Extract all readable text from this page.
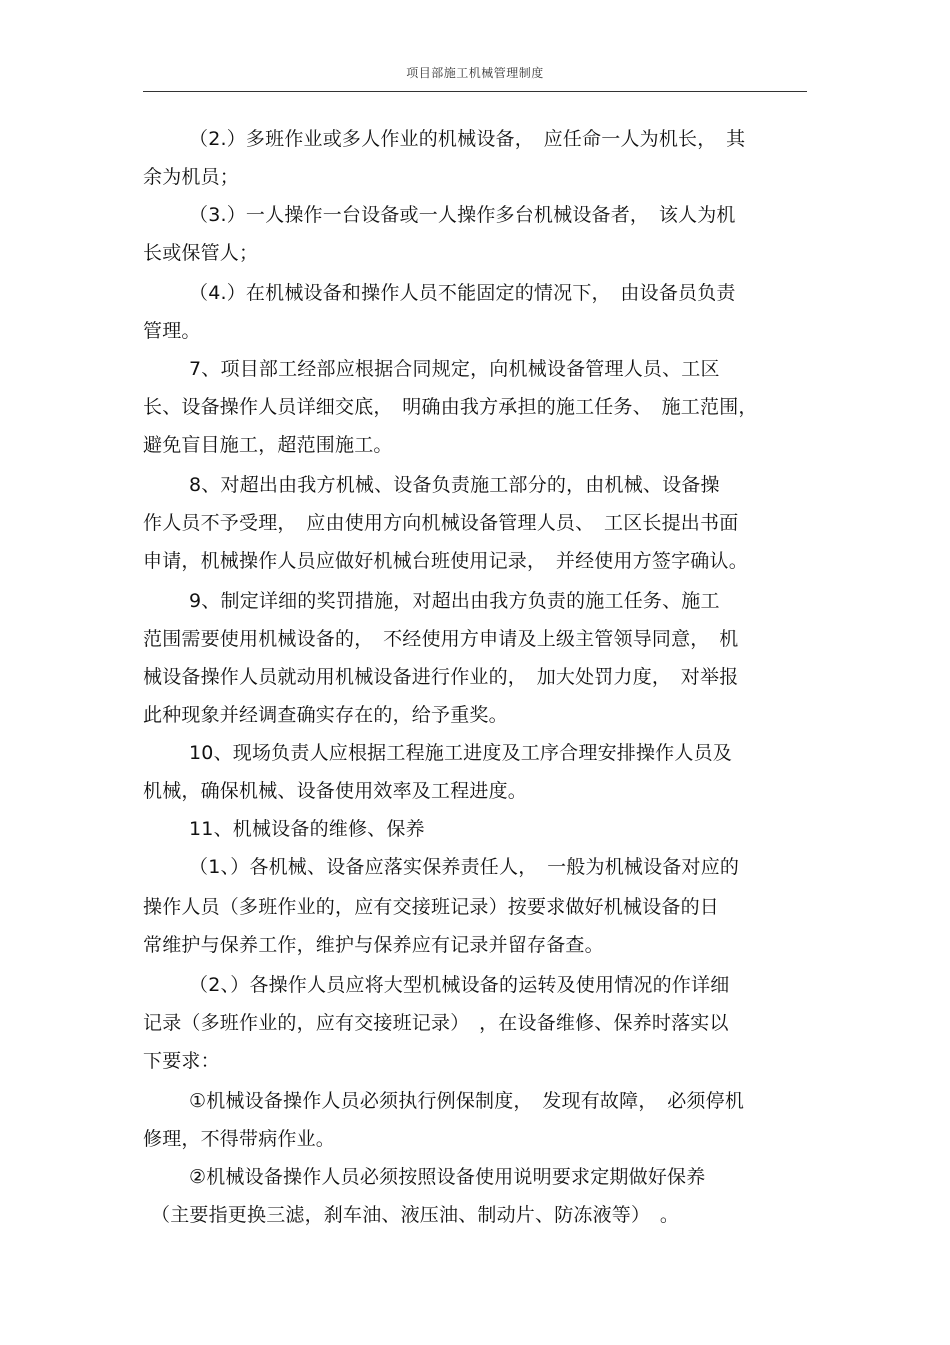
项目部施工机械管理制度
（2.）多班作业或多人作业的机械设备，　应任命一人为机长，　其
余为机员；
（3.）一人操作一台设备或一人操作多台机械设备者，　该人为机
长或保管人；
（4.）在机械设备和操作人员不能固定的情况下，　由设备员负责
管理。
7、项目部工经部应根据合同规定，向机械设备管理人员、工区
长、设备操作人员详细交底，　明确由我方承担的施工任务、　施工范围，
避免盲目施工，超范围施工。
8、对超出由我方机械、设备负责施工部分的，由机械、设备操
作人员不予受理，　应由使用方向机械设备管理人员、　工区长提出书面
申请，机械操作人员应做好机械台班使用记录，　并经使用方签字确认。
9、制定详细的奖罚措施，对超出由我方负责的施工任务、施工
范围需要使用机械设备的，　不经使用方申请及上级主管领导同意，　机
械设备操作人员就动用机械设备进行作业的，　加大处罚力度，　对举报
此种现象并经调查确实存在的，给予重奖。
10、现场负责人应根据工程施工进度及工序合理安排操作人员及
机械，确保机械、设备使用效率及工程进度。
11、机械设备的维修、保养
（1、）各机械、设备应落实保养责任人，　一般为机械设备对应的
操作人员（多班作业的，应有交接班记录）按要求做好机械设备的日
常维护与保养工作，维护与保养应有记录并留存备查。
（2、）各操作人员应将大型机械设备的运转及使用情况的作详细
记录（多班作业的，应有交接班记录）　，在设备维修、保养时落实以
下要求：
①机械设备操作人员必须执行例保制度，　发现有故障，　必须停机
修理，不得带病作业。
②机械设备操作人员必须按照设备使用说明要求定期做好保养
（主要指更换三滤，刹车油、液压油、制动片、防冻液等）　。
